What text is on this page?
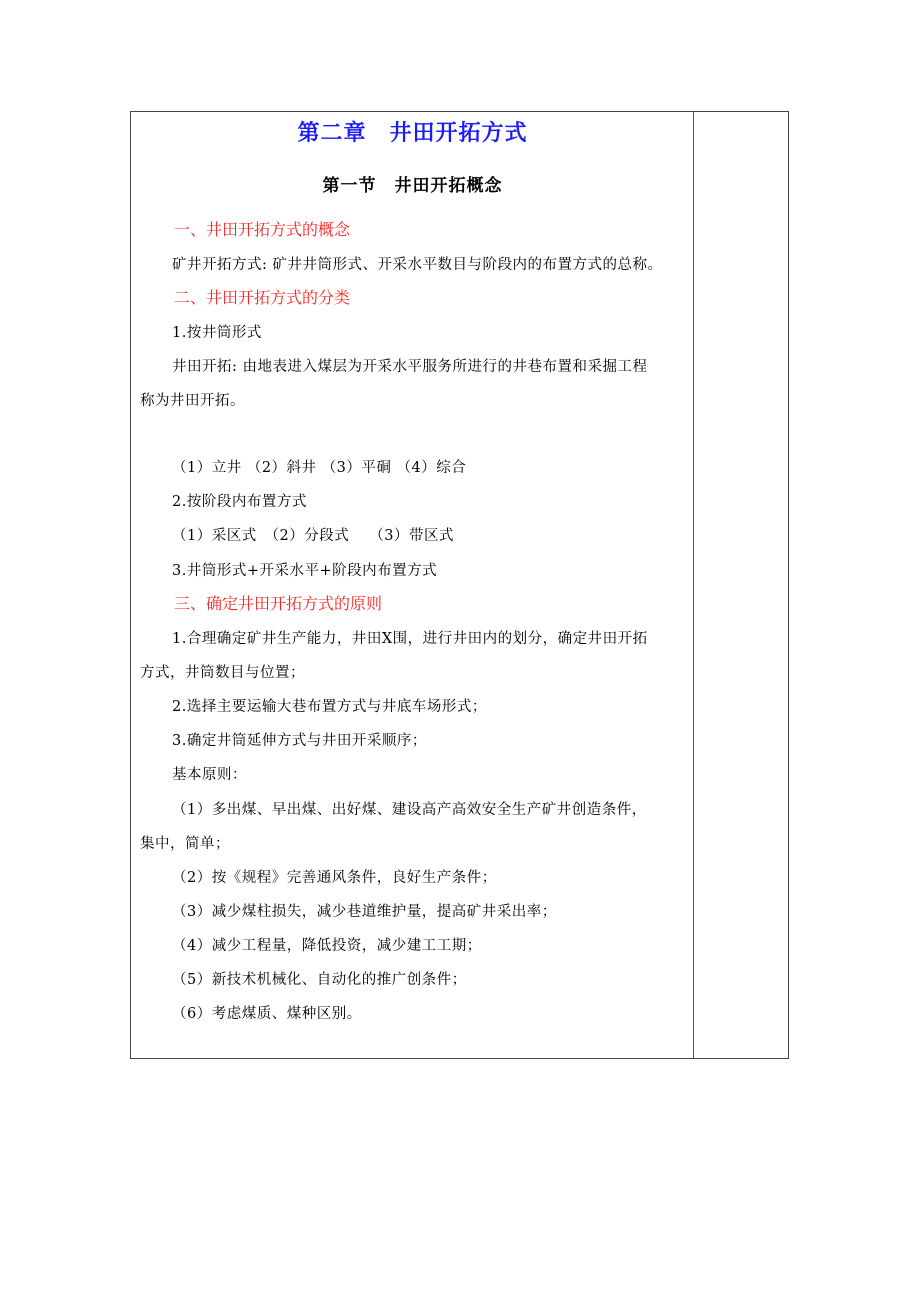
第二章　井田开拓方式
第一节　井田开拓概念
一、井田开拓方式的概念
矿井开拓方式: 矿井井筒形式、开采水平数目与阶段内的布置方式的总称。
二、井田开拓方式的分类
1.按井筒形式
井田开拓: 由地表进入煤层为开采水平服务所进行的井巷布置和采掘工程
称为井田开拓。
（1）立井 （2）斜井 （3）平硐 （4）综合
2.按阶段内布置方式
（1）采区式　（2）分段式　 （3）带区式
3.井筒形式+开采水平+阶段内布置方式
三、确定井田开拓方式的原则
1.合理确定矿井生产能力，井田X围，进行井田内的划分，确定井田开拓
方式，井筒数目与位置；
2.选择主要运输大巷布置方式与井底车场形式；
3.确定井筒延伸方式与井田开采顺序；
基本原则：
（1）多出煤、早出煤、出好煤、建设高产高效安全生产矿井创造条件，
集中，简单；
（2）按《规程》完善通风条件，良好生产条件；
（3）减少煤柱损失，减少巷道维护量，提高矿井采出率；
（4）减少工程量，降低投资，减少建工工期；
（5）新技术机械化、自动化的推广创条件；
（6）考虑煤质、煤种区别。
